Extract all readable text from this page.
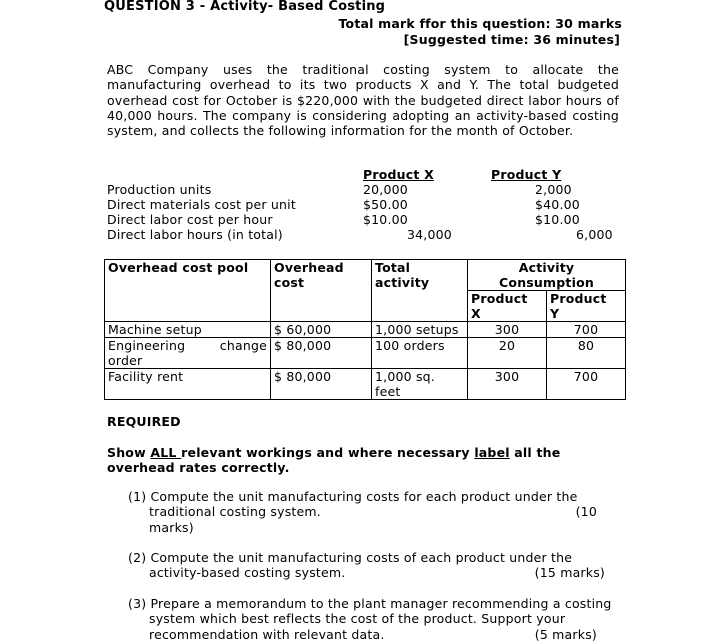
QUESTION 3 - Activity- Based Costing
Total mark ffor this question: 30 marks
[Suggested time: 36 minutes]
ABC Company uses the traditional costing system to allocate the manufacturing overhead to its two products X and Y. The total budgeted overhead cost for October is $220,000 with the budgeted direct labor hours of 40,000 hours. The company is considering adopting an activity-based costing system, and collects the following information for the month of October.
Product X	Product Y
Production units	20,000	2,000
Direct materials cost per unit	$50.00	$40.00
Direct labor cost per hour	$10.00	$10.00
Direct labor hours (in total)	34,000	6,000
Overhead cost pool	Overhead cost	Total activity	Activity Consumption	

			Product X	Product Y

Machine setup	$ 60,000	1,000 setups	300	700
Engineering change order	$ 80,000	100 orders	20	80
Facility rent	$ 80,000	1,000 sq. feet	300	700
REQUIRED
Show ALL relevant workings and where necessary label all the overhead rates correctly.
(1) Compute the unit manufacturing costs for each product under the
traditional costing system.	(10
marks)
(2) Compute the unit manufacturing costs of each product under the
activity-based costing system.	(15 marks)
(3) Prepare a memorandum to the plant manager recommending a costing
system which best reflects the cost of the product. Support your
recommendation with relevant data.	(5 marks)
